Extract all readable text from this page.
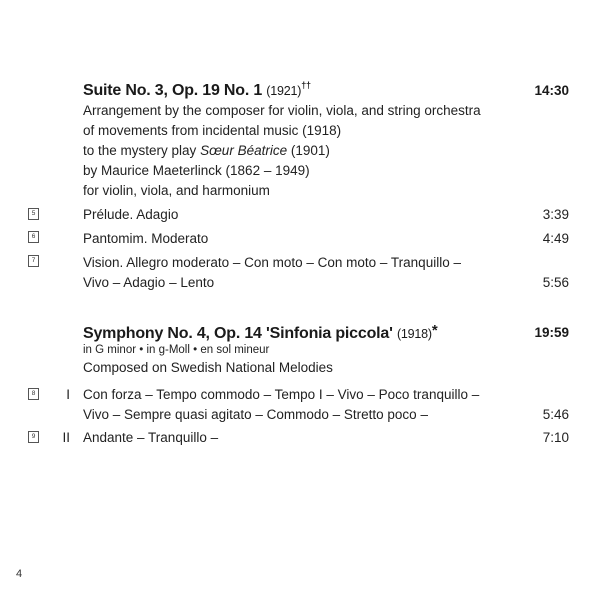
Suite No. 3, Op. 19 No. 1 (1921)††	14:30
Arrangement by the composer for violin, viola, and string orchestra
of movements from incidental music (1918)
to the mystery play Sœur Béatrice (1901)
by Maurice Maeterlinck (1862 – 1949)
for violin, viola, and harmonium
5	Prélude. Adagio	3:39
6	Pantomim. Moderato	4:49
7	Vision. Allegro moderato – Con moto – Con moto – Tranquillo –
Vivo – Adagio – Lento	5:56
Symphony No. 4, Op. 14 'Sinfonia piccola' (1918)*	19:59
in G minor • in g-Moll • en sol mineur
Composed on Swedish National Melodies
8	I Con forza – Tempo commodo – Tempo I – Vivo – Poco tranquillo –
Vivo – Sempre quasi agitato – Commodo – Stretto poco –	5:46
9	II Andante – Tranquillo –	7:10
4
